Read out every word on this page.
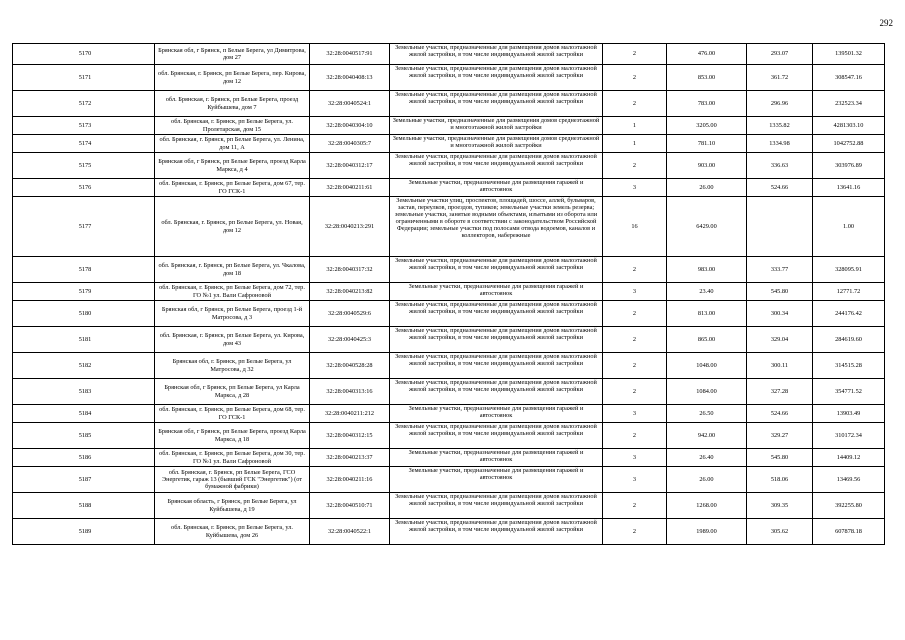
292
5170	Брянская обл, г Брянск, п Белые Берега, ул Димитрова, дом 27	32:28:0040517:91	Земельные участки, предназначенные для размещения домов малоэтажной жилой застройки, в том числе индивидуальной жилой застройки	2	476.00	293.07	139501.32
5171	обл. Брянская, г. Брянск, рп Белые Берега, пер. Кирова, дом 12	32:28:0040408:13	Земельные участки, предназначенные для размещения домов малоэтажной жилой застройки, в том числе индивидуальной жилой застройки	2	853.00	361.72	308547.16
5172	обл. Брянская, г. Брянск, рп Белые Берега, проезд Куйбышева, дом 7	32:28:0040524:1	Земельные участки, предназначенные для размещения домов малоэтажной жилой застройки, в том числе индивидуальной жилой застройки	2	783.00	296.96	232523.34
5173	обл. Брянская, г. Брянск, рп Белые Берега, ул. Пролетарская, дом 15	32:28:0040304:10	Земельные участки, предназначенные для размещения домов среднеэтажной и многоэтажной жилой застройки	1	3205.00	1335.82	4281303.10
5174	обл. Брянская, г. Брянск, рп Белые Берега, ул. Ленина, дом 11, А	32:28:0040305:7	Земельные участки, предназначенные для размещения домов среднеэтажной и многоэтажной жилой застройки	1	781.10	1334.98	1042752.88
5175	Брянская обл, г Брянск, рп Белые Берега, проезд Карла Маркса, д 4	32:28:0040312:17	Земельные участки, предназначенные для размещения домов малоэтажной жилой застройки, в том числе индивидуальной жилой застройки	2	903.00	336.63	303976.89
5176	обл. Брянская, г. Брянск, рп Белые Берега, дом 67, тер. ГО ГСК-1	32:28:0040211:61	Земельные участки, предназначенные для размещения гаражей и автостоянок	3	26.00	524.66	13641.16
5177	обл. Брянская, г. Брянск, рп Белые Берега, ул. Новая, дом 12	32:28:0040213:291	Земельные участки улиц, проспектов, площадей, шоссе, аллей, бульваров, застав, переулков, проездов, тупиков; земельные участки земель резерва; земельные участки, занятые водными объектами, изъятыми из оборота или ограниченными в обороте в соответствии с законодательством Российской Федерации; земельные участки под полосами отвода водоемов, каналов и коллекторов, набережные	16	6429.00		1.00
5178	обл. Брянская, г. Брянск, рп Белые Берега, ул. Чкалова, дом 18	32:28:0040317:32	Земельные участки, предназначенные для размещения домов малоэтажной жилой застройки, в том числе индивидуальной жилой застройки	2	983.00	333.77	328095.91
5179	обл. Брянская, г. Брянск, рп Белые Берега, дом 72, тер. ГО №1 ул. Вали Сафроновой	32:28:0040213:82	Земельные участки, предназначенные для размещения гаражей и автостоянок	3	23.40	545.80	12771.72
5180	Брянская обл, г Брянск, рп Белые Берега, проезд 1-й Матросова, д 3	32:28:0040529:6	Земельные участки, предназначенные для размещения домов малоэтажной жилой застройки, в том числе индивидуальной жилой застройки	2	813.00	300.34	244176.42
5181	обл. Брянская, г. Брянск, рп Белые Берега, ул. Кирова, дом 43	32:28:0040425:3	Земельные участки, предназначенные для размещения домов малоэтажной жилой застройки, в том числе индивидуальной жилой застройки	2	865.00	329.04	284619.60
5182	Брянская обл, г. Брянск, рп Белые Берега, ул Матросова, д 32	32:28:0040528:28	Земельные участки, предназначенные для размещения домов малоэтажной жилой застройки, в том числе индивидуальной жилой застройки	2	1048.00	300.11	314515.28
5183	Брянская обл, г Брянск, рп Белые Берега, ул Карла Маркса, д 28	32:28:0040313:16	Земельные участки, предназначенные для размещения домов малоэтажной жилой застройки, в том числе индивидуальной жилой застройки	2	1084.00	327.28	354771.52
5184	обл. Брянская, г. Брянск, рп Белые Берега, дом 68, тер. ГО ГСК-1	32:28:0040211:212	Земельные участки, предназначенные для размещения гаражей и автостоянок	3	26.50	524.66	13903.49
5185	Брянская обл, г Брянск, рп Белые Берега, проезд Карла Маркса, д 18	32:28:0040312:15	Земельные участки, предназначенные для размещения домов малоэтажной жилой застройки, в том числе индивидуальной жилой застройки	2	942.00	329.27	310172.34
5186	обл. Брянская, г. Брянск, рп Белые Берега, дом 30, тер. ГО №1 ул. Вали Сафроновой	32:28:0040213:37	Земельные участки, предназначенные для размещения гаражей и автостоянок	3	26.40	545.80	14409.12
5187	обл. Брянская, г. Брянск, рп Белые Берега, ГСО Энергетик, гараж 13 (бывший ГСК "Энергетик") (от бумажной фабрики)	32:28:0040211:16	Земельные участки, предназначенные для размещения гаражей и автостоянок	3	26.00	518.06	13469.56
5188	Брянская область, г Брянск, рп Белые Берега, ул Куйбышева, д 19	32:28:0040510:71	Земельные участки, предназначенные для размещения домов малоэтажной жилой застройки, в том числе индивидуальной жилой застройки	2	1268.00	309.35	392255.80
5189	обл. Брянская, г. Брянск, рп Белые Берега, ул. Куйбышева, дом 26	32:28:0040522:1	Земельные участки, предназначенные для размещения домов малоэтажной жилой застройки, в том числе индивидуальной жилой застройки	2	1989.00	305.62	607878.18
